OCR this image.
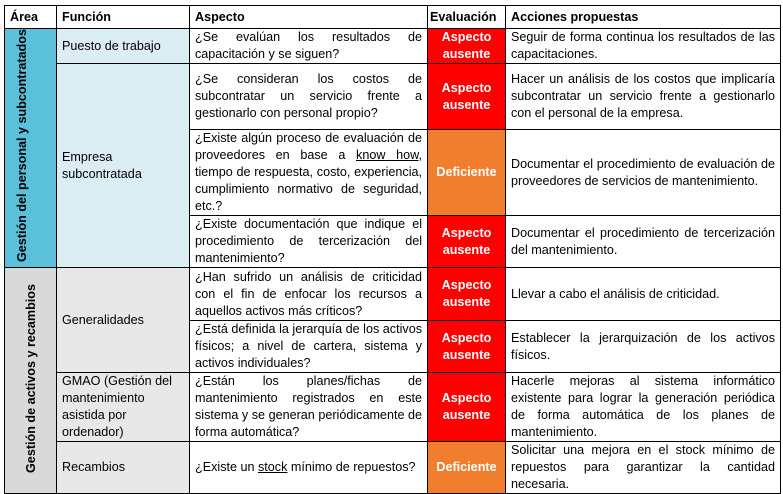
Área	Función	Aspecto	Evaluación	Acciones propuestas
Gestión del personal y subcontratados	Puesto de trabajo	¿Se evalúan los resultados de capacitación y se siguen?	Aspecto ausente	Seguir de forma continua los resultados de las capacitaciones.
	Empresa subcontratada	¿Se consideran los costos de subcontratar un servicio frente a gestionarlo con personal propio?	Aspecto ausente	Hacer un análisis de los costos que implicaría subcontratar un servicio frente a gestionarlo con el personal de la empresa.
		¿Existe algún proceso de evaluación de proveedores en base a know how, tiempo de respuesta, costo, experiencia, cumplimiento normativo de seguridad, etc.?	Deficiente	Documentar el procedimiento de evaluación de proveedores de servicios de mantenimiento.
		¿Existe documentación que indique el procedimiento de tercerización del mantenimiento?	Aspecto ausente	Documentar el procedimiento de tercerización del mantenimiento.
Gestión de activos y recambios	Generalidades	¿Han sufrido un análisis de criticidad con el fin de enfocar los recursos a aquellos activos más críticos?	Aspecto ausente	Llevar a cabo el análisis de criticidad.
		¿Está definida la jerarquía de los activos físicos; a nivel de cartera, sistema y activos individuales?	Aspecto ausente	Establecer la jerarquización de los activos físicos.
	GMAO (Gestión del mantenimiento asistida por ordenador)	¿Están los planes/fichas de mantenimiento registrados en este sistema y se generan periódicamente de forma automática?	Aspecto ausente	Hacerle mejoras al sistema informático existente para lograr la generación periódica de forma automática de los planes de mantenimiento.
	Recambios	¿Existe un stock mínimo de repuestos?	Deficiente	Solicitar una mejora en el stock mínimo de repuestos para garantizar la cantidad necesaria.
